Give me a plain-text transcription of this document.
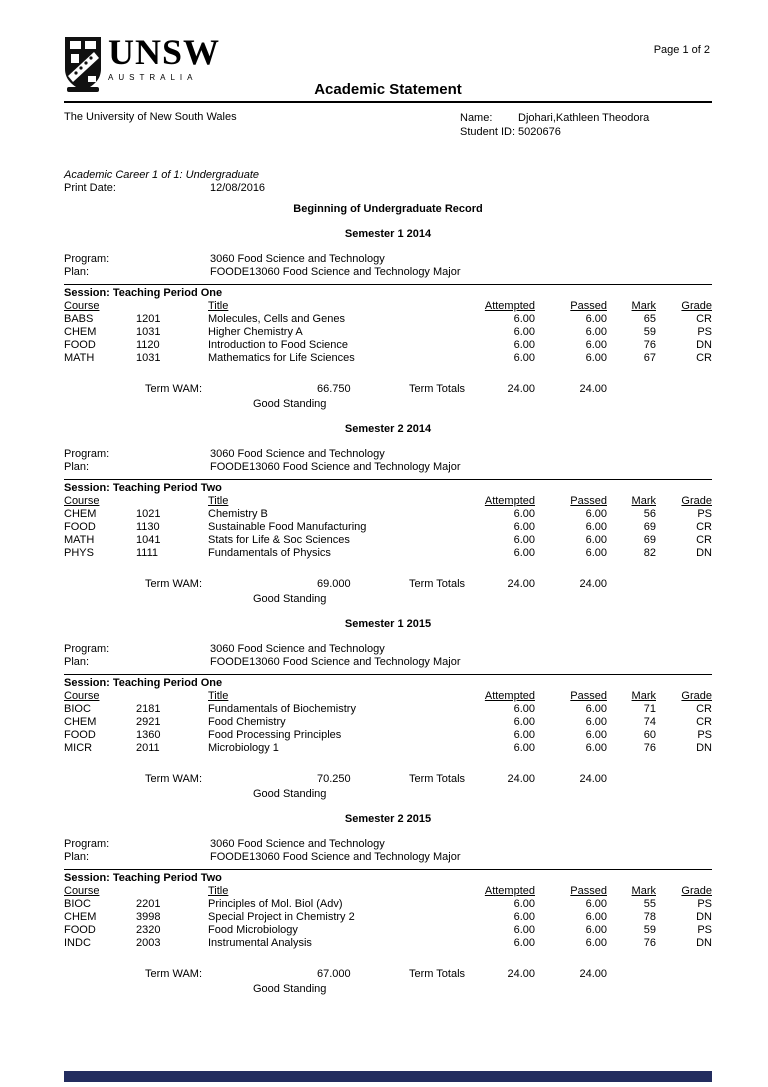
Page 1 of 2
UNSW
AUSTRALIA
Academic Statement
The University of New South Wales	Name:	Djohari,Kathleen Theodora
Student ID: 5020676
Academic Career 1 of 1: Undergraduate
Print Date:	12/08/2016
Beginning of Undergraduate Record
Semester 1 2014
Program:	3060 Food Science and Technology
Plan:	FOODE13060 Food Science and Technology Major
Session: Teaching Period One
Course	Title	Attempted	Passed	Mark	Grade
BABS	1201	Molecules, Cells and Genes	6.00	6.00	65	CR
CHEM	1031	Higher Chemistry A	6.00	6.00	59	PS
FOOD	1120	Introduction to Food Science	6.00	6.00	76	DN
MATH	1031	Mathematics for Life Sciences	6.00	6.00	67	CR
Term WAM:	66.750	Term Totals	24.00	24.00
Good Standing
Semester 2 2014
Program:	3060 Food Science and Technology
Plan:	FOODE13060 Food Science and Technology Major
Session: Teaching Period Two
Course	Title	Attempted	Passed	Mark	Grade
CHEM	1021	Chemistry B	6.00	6.00	56	PS
FOOD	1130	Sustainable Food Manufacturing	6.00	6.00	69	CR
MATH	1041	Stats for Life & Soc Sciences	6.00	6.00	69	CR
PHYS	1111	Fundamentals of Physics	6.00	6.00	82	DN
Term WAM:	69.000	Term Totals	24.00	24.00
Good Standing
Semester 1 2015
Program:	3060 Food Science and Technology
Plan:	FOODE13060 Food Science and Technology Major
Session: Teaching Period One
Course	Title	Attempted	Passed	Mark	Grade
BIOC	2181	Fundamentals of Biochemistry	6.00	6.00	71	CR
CHEM	2921	Food Chemistry	6.00	6.00	74	CR
FOOD	1360	Food Processing Principles	6.00	6.00	60	PS
MICR	2011	Microbiology 1	6.00	6.00	76	DN
Term WAM:	70.250	Term Totals	24.00	24.00
Good Standing
Semester 2 2015
Program:	3060 Food Science and Technology
Plan:	FOODE13060 Food Science and Technology Major
Session: Teaching Period Two
Course	Title	Attempted	Passed	Mark	Grade
BIOC	2201	Principles of Mol. Biol (Adv)	6.00	6.00	55	PS
CHEM	3998	Special Project in Chemistry 2	6.00	6.00	78	DN
FOOD	2320	Food Microbiology	6.00	6.00	59	PS
INDC	2003	Instrumental Analysis	6.00	6.00	76	DN
Term WAM:	67.000	Term Totals	24.00	24.00
Good Standing
